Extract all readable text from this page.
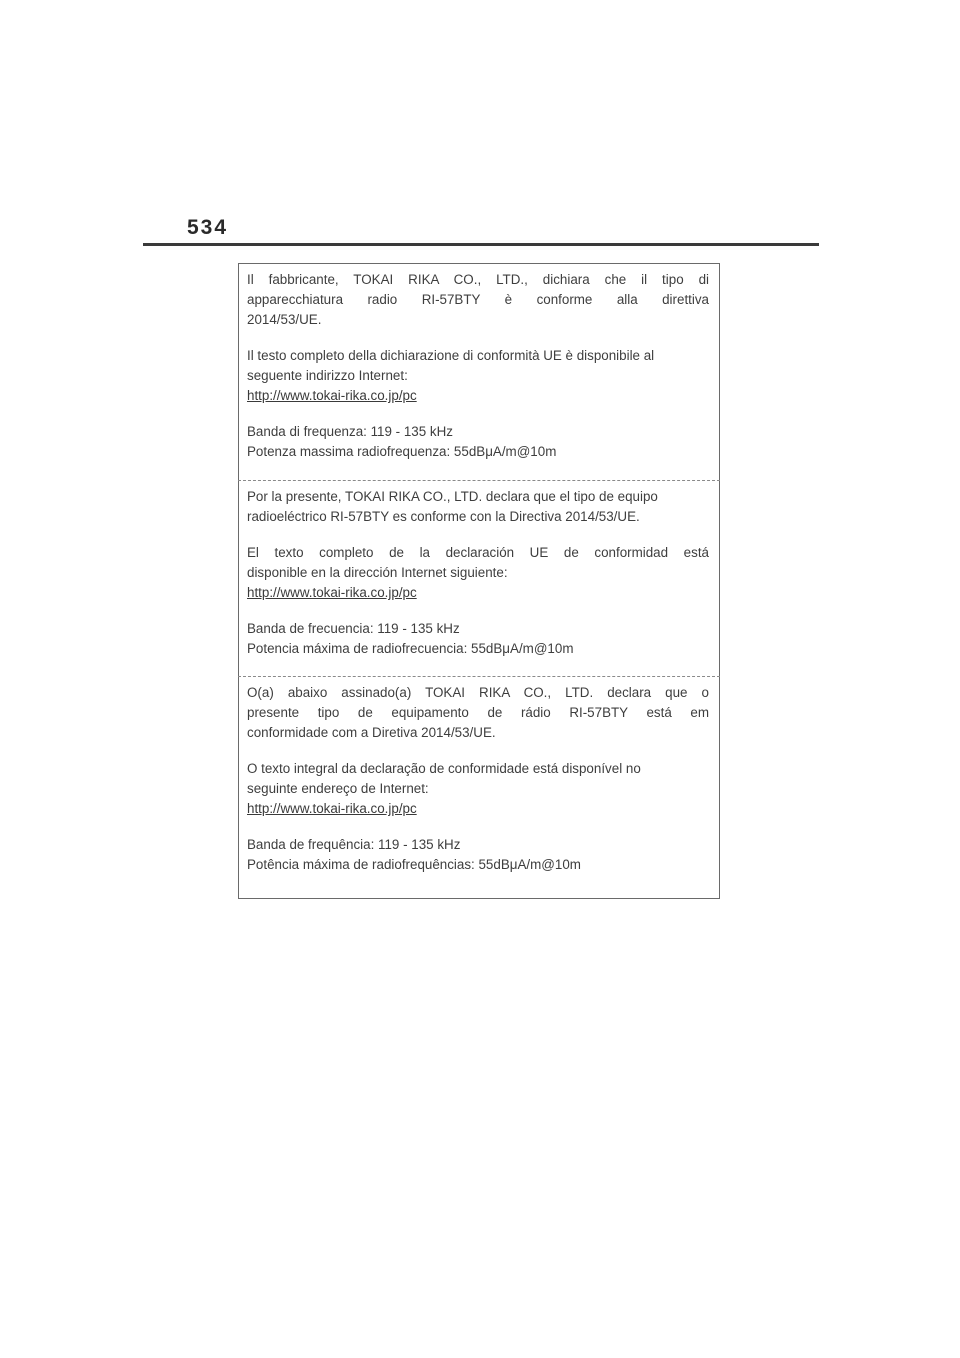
534

Il fabbricante, TOKAI RIKA CO., LTD., dichiara che il tipo di

apparecchiatura radio RI-57BTY è conforme alla direttiva

2014/53/UE.

Il testo completo della dichiarazione di conformità UE è disponibile al

seguente indirizzo Internet:

http://www.tokai-rika.co.jp/pc

Banda di frequenza: 119 - 135 kHz

Potenza massima radiofrequenza: 55dBμA/m@10m

Por la presente, TOKAI RIKA CO., LTD. declara que el tipo de equipo

radioeléctrico RI-57BTY es conforme con la Directiva 2014/53/UE.

El texto completo de la declaración UE de conformidad está

disponible en la dirección Internet siguiente:

http://www.tokai-rika.co.jp/pc

Banda de frecuencia: 119 - 135 kHz

Potencia máxima de radiofrecuencia: 55dBμA/m@10m

O(a) abaixo assinado(a) TOKAI RIKA CO., LTD. declara que o

presente tipo de equipamento de rádio RI-57BTY está em

conformidade com a Diretiva 2014/53/UE.

O texto integral da declaração de conformidade está disponível no

seguinte endereço de Internet:

http://www.tokai-rika.co.jp/pc

Banda de frequência: 119 - 135 kHz

Potência máxima de radiofrequências: 55dBμA/m@10m
